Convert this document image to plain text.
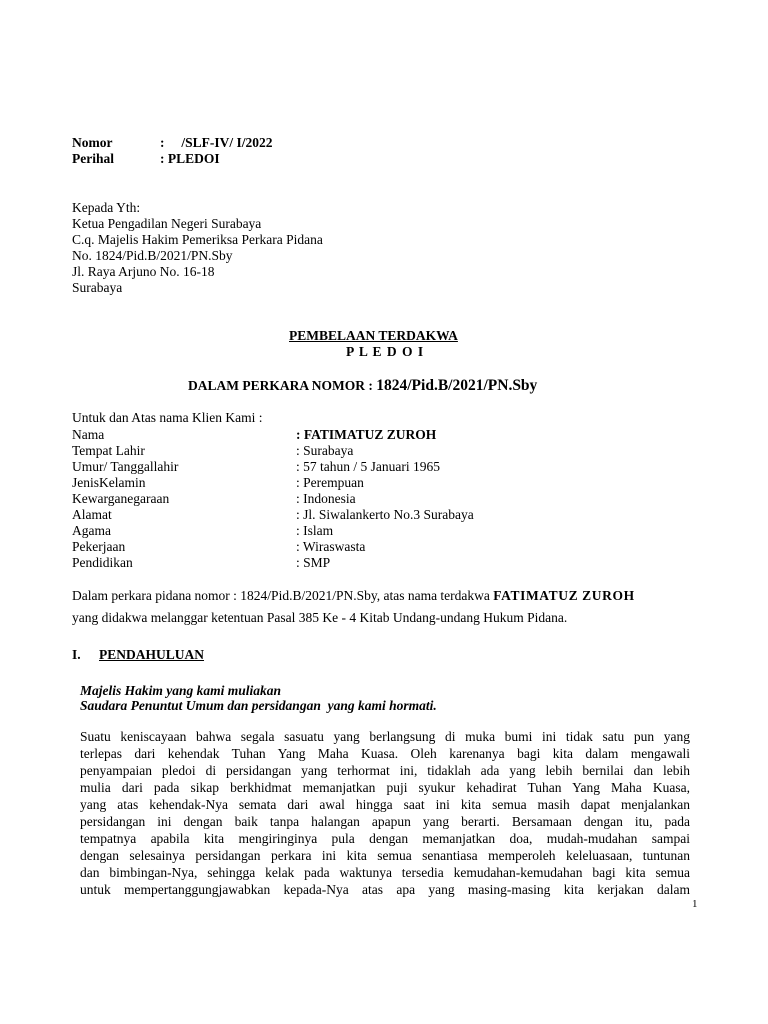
Nomor	:     /SLF-IV/ I/2022
Perihal	: PLEDOI
Kepada Yth:
Ketua Pengadilan Negeri Surabaya
C.q. Majelis Hakim Pemeriksa Perkara Pidana
No. 1824/Pid.B/2021/PN.Sby
Jl. Raya Arjuno No. 16-18
Surabaya
PEMBELAAN TERDAKWA
P L E D O I
DALAM PERKARA NOMOR : 1824/Pid.B/2021/PN.Sby
Untuk dan Atas nama Klien Kami :
Nama	: FATIMATUZ ZUROH
Tempat Lahir	: Surabaya
Umur/ Tanggallahir	: 57 tahun / 5 Januari 1965
JenisKelamin	: Perempuan
Kewarganegaraan	: Indonesia
Alamat	: Jl. Siwalankerto No.3 Surabaya
Agama	: Islam
Pekerjaan	: Wiraswasta
Pendidikan	: SMP
Dalam perkara pidana nomor : 1824/Pid.B/2021/PN.Sby, atas nama terdakwa FATIMATUZ ZUROH
yang didakwa melanggar ketentuan Pasal 385 Ke - 4 Kitab Undang-undang Hukum Pidana.
I. PENDAHULUAN
Majelis Hakim yang kami muliakan
Saudara Penuntut Umum dan persidangan  yang kami hormati.
Suatu keniscayaan bahwa segala sasuatu yang berlangsung di muka bumi ini tidak satu pun yang
terlepas dari kehendak Tuhan Yang Maha Kuasa. Oleh karenanya bagi kita dalam mengawali
penyampaian pledoi di persidangan yang terhormat ini, tidaklah ada yang lebih bernilai dan lebih
mulia dari pada sikap berkhidmat memanjatkan puji syukur kehadirat Tuhan Yang Maha Kuasa,
yang atas kehendak-Nya semata dari awal hingga saat ini kita semua masih dapat menjalankan
persidangan ini dengan baik tanpa halangan apapun yang berarti. Bersamaan dengan itu, pada
tempatnya apabila kita mengiringinya pula dengan memanjatkan doa, mudah-mudahan sampai
dengan selesainya persidangan perkara ini kita semua senantiasa memperoleh keleluasaan, tuntunan
dan bimbingan-Nya, sehingga kelak pada waktunya tersedia kemudahan-kemudahan bagi kita semua
untuk mempertanggungjawabkan kepada-Nya atas apa yang masing-masing kita kerjakan dalam
1
